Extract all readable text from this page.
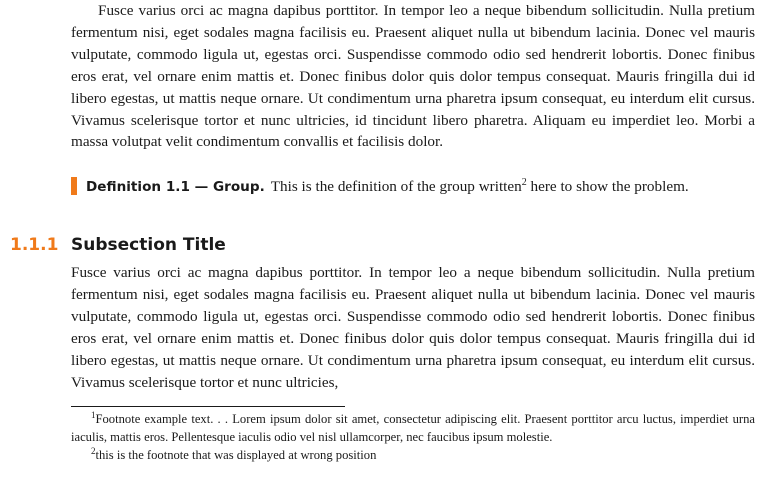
Fusce varius orci ac magna dapibus porttitor. In tempor leo a neque bibendum sollicitudin. Nulla pretium fermentum nisi, eget sodales magna facilisis eu. Praesent aliquet nulla ut bibendum lacinia. Donec vel mauris vulputate, commodo ligula ut, egestas orci. Suspendisse commodo odio sed hendrerit lobortis. Donec finibus eros erat, vel ornare enim mattis et. Donec finibus dolor quis dolor tempus consequat. Mauris fringilla dui id libero egestas, ut mattis neque ornare. Ut condimentum urna pharetra ipsum consequat, eu interdum elit cursus. Vivamus scelerisque tortor et nunc ultricies, id tincidunt libero pharetra. Aliquam eu imperdiet leo. Morbi a massa volutpat velit condimentum convallis et facilisis dolor.

Definition 1.1 — Group. This is the definition of the group written$^2$ here to show the problem.
1.1.1 Subsection Title

Fusce varius orci ac magna dapibus porttitor. In tempor leo a neque bibendum sollicitudin. Nulla pretium fermentum nisi, eget sodales magna facilisis eu. Praesent aliquet nulla ut bibendum lacinia. Donec vel mauris vulputate, commodo ligula ut, egestas orci. Suspendisse commodo odio sed hendrerit lobortis. Donec finibus eros erat, vel ornare enim mattis et. Donec finibus dolor quis dolor tempus consequat. Mauris fringilla dui id libero egestas, ut mattis neque ornare. Ut condimentum urna pharetra ipsum consequat, eu interdum elit cursus. Vivamus scelerisque tortor et nunc ultricies,

$^1$Footnote example text. . . Lorem ipsum dolor sit amet, consectetur adipiscing elit. Praesent porttitor arcu luctus, imperdiet urna iaculis, mattis eros. Pellentesque iaculis odio vel nisl ullamcorper, nec faucibus ipsum molestie.

$^2$this is the footnote that was displayed at wrong position
